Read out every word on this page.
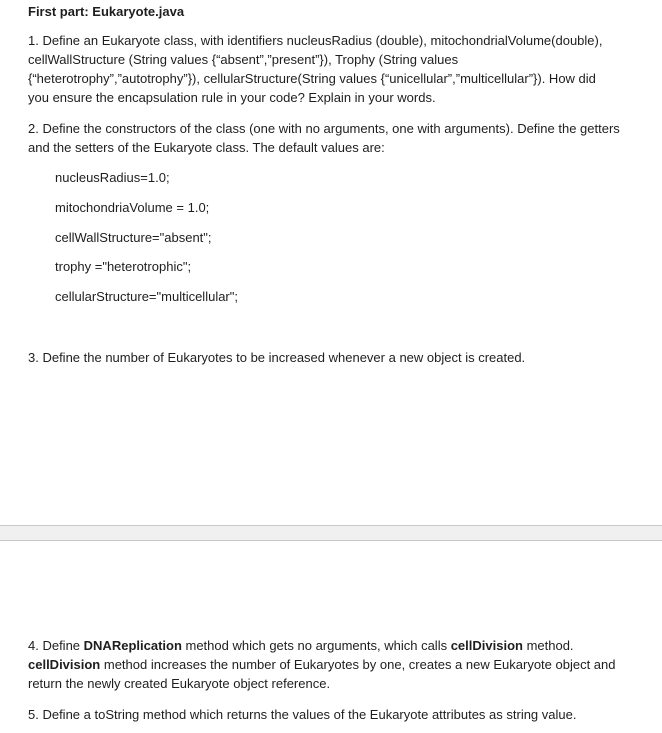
First part: Eukaryote.java
1. Define an Eukaryote class, with identifiers nucleusRadius (double), mitochondrialVolume(double),
cellWallStructure (String values {“absent”,”present”}), Trophy (String values
{“heterotrophy”,”autotrophy”}), cellularStructure(String values {“unicellular”,”multicellular”}). How did
you ensure the encapsulation rule in your code? Explain in your words.
2. Define the constructors of the class (one with no arguments, one with arguments). Define the getters
and the setters of the Eukaryote class. The default values are:
nucleusRadius=1.0;
mitochondriaVolume = 1.0;
cellWallStructure="absent";
trophy ="heterotrophic";
cellularStructure="multicellular";
3. Define the number of Eukaryotes to be increased whenever a new object is created.
4. Define DNAReplication method which gets no arguments, which calls cellDivision method.
cellDivision method increases the number of Eukaryotes by one, creates a new Eukaryote object and
return the newly created Eukaryote object reference.
5. Define a toString method which returns the values of the Eukaryote attributes as string value.
